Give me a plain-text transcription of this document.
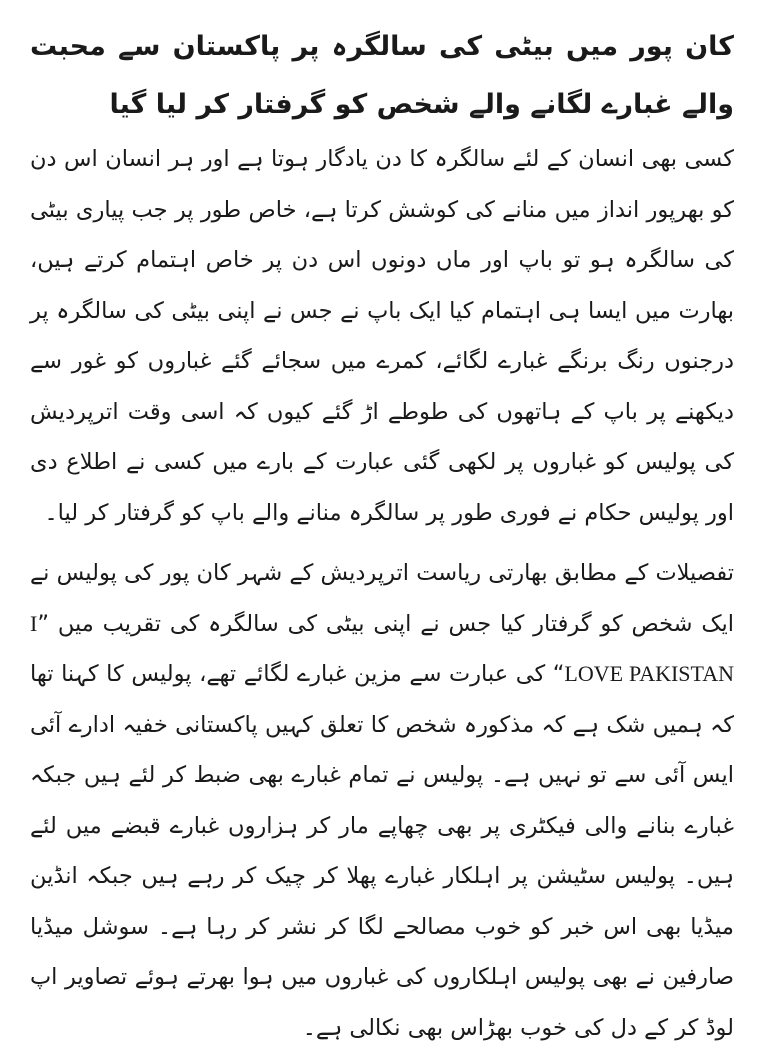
کان پور میں بیٹی کی سالگرہ پر پاکستان سے محبت والے غبارے لگانے والے شخص کو گرفتار کر لیا گیا

کسی بھی انسان کے لئے سالگرہ کا دن یادگار ہوتا ہے اور ہر انسان اس دن کو بھرپور انداز میں منانے کی کوشش کرتا ہے، خاص طور پر جب پیاری بیٹی کی سالگرہ ہو تو باپ اور ماں دونوں اس دن پر خاص اہتمام کرتے ہیں، بھارت میں ایسا ہی اہتمام کیا ایک باپ نے جس نے اپنی بیٹی کی سالگرہ پر درجنوں رنگ برنگے غبارے لگائے، کمرے میں سجائے گئے غباروں کو غور سے دیکھنے پر باپ کے ہاتھوں کی طوطے اڑ گئے کیوں کہ اسی وقت اترپردیش کی پولیس کو غباروں پر لکھی گئی عبارت کے بارے میں کسی نے اطلاع دی اور پولیس حکام نے فوری طور پر سالگرہ منانے والے باپ کو گرفتار کر لیا۔

تفصیلات کے مطابق بھارتی ریاست اترپردیش کے شہر کان پور کی پولیس نے ایک شخص کو گرفتار کیا جس نے اپنی بیٹی کی سالگرہ کی تقریب میں ”I LOVE PAKISTAN“ کی عبارت سے مزین غبارے لگائے تھے، پولیس کا کہنا تھا کہ ہمیں شک ہے کہ مذکورہ شخص کا تعلق کہیں پاکستانی خفیہ ادارے آئی ایس آئی سے تو نہیں ہے۔ پولیس نے تمام غبارے بھی ضبط کر لئے ہیں جبکہ غبارے بنانے والی فیکٹری پر بھی چھاپے مار کر ہزاروں غبارے قبضے میں لئے ہیں۔ پولیس سٹیشن پر اہلکار غبارے پھلا کر چیک کر رہے ہیں جبکہ انڈین میڈیا بھی اس خبر کو خوب مصالحے لگا کر نشر کر رہا ہے۔ سوشل میڈیا صارفین نے بھی پولیس اہلکاروں کی غباروں میں ہوا بھرتے ہوئے تصاویر اپ لوڈ کر کے دل کی خوب بھڑاس بھی نکالی ہے۔
